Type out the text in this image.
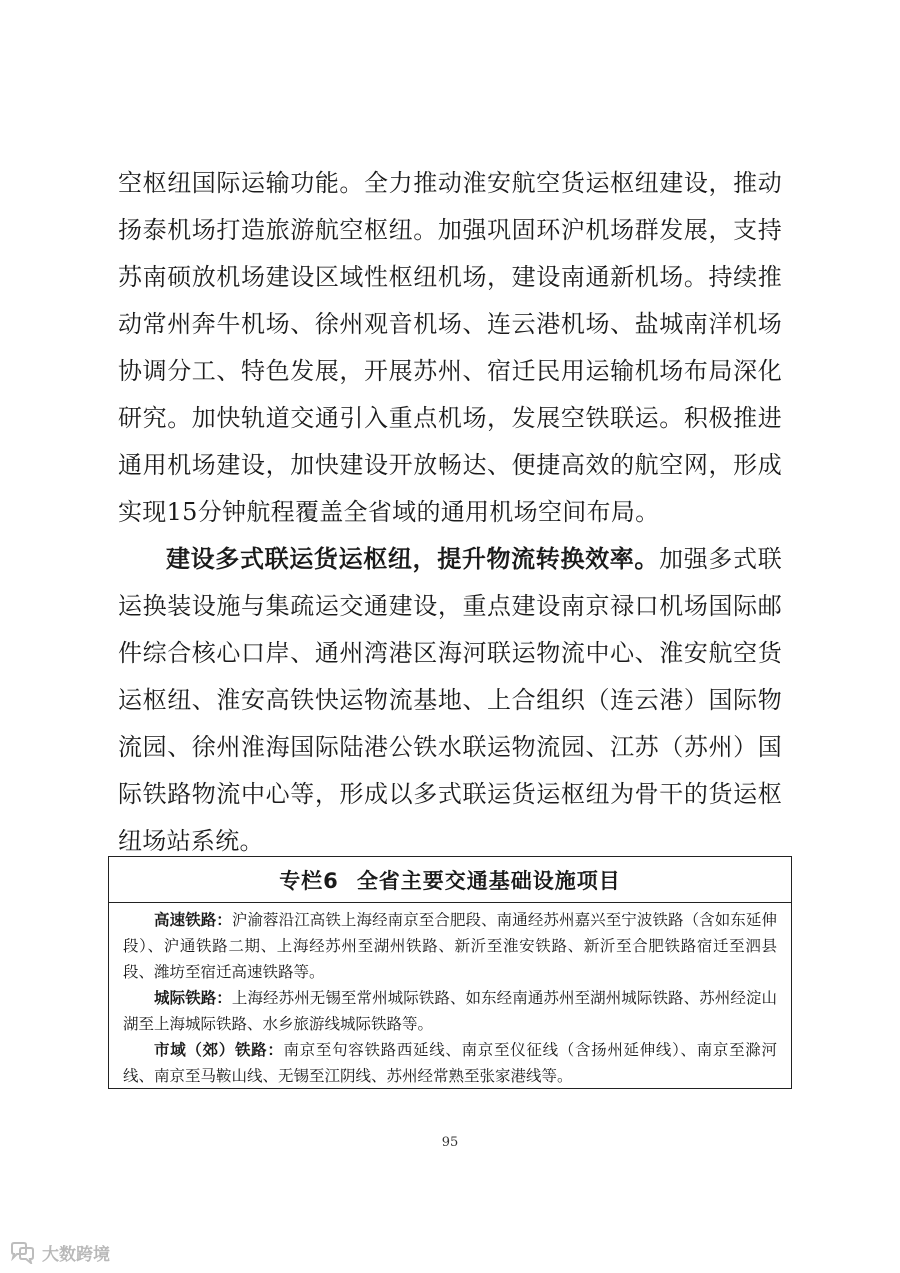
空枢纽国际运输功能。全力推动淮安航空货运枢纽建设，推动扬泰机场打造旅游航空枢纽。加强巩固环沪机场群发展，支持苏南硕放机场建设区域性枢纽机场，建设南通新机场。持续推动常州奔牛机场、徐州观音机场、连云港机场、盐城南洋机场协调分工、特色发展，开展苏州、宿迁民用运输机场布局深化研究。加快轨道交通引入重点机场，发展空铁联运。积极推进通用机场建设，加快建设开放畅达、便捷高效的航空网，形成实现15分钟航程覆盖全省域的通用机场空间布局。

建设多式联运货运枢纽，提升物流转换效率。加强多式联运换装设施与集疏运交通建设，重点建设南京禄口机场国际邮件综合核心口岸、通州湾港区海河联运物流中心、淮安航空货运枢纽、淮安高铁快运物流基地、上合组织（连云港）国际物流园、徐州淮海国际陆港公铁水联运物流园、江苏（苏州）国际铁路物流中心等，形成以多式联运货运枢纽为骨干的货运枢纽场站系统。

专栏6 全省主要交通基础设施项目

高速铁路：沪渝蓉沿江高铁上海经南京至合肥段、南通经苏州嘉兴至宁波铁路（含如东延伸段）、沪通铁路二期、上海经苏州至湖州铁路、新沂至淮安铁路、新沂至合肥铁路宿迁至泗县段、潍坊至宿迁高速铁路等。

城际铁路：上海经苏州无锡至常州城际铁路、如东经南通苏州至湖州城际铁路、苏州经淀山湖至上海城际铁路、水乡旅游线城际铁路等。

市域（郊）铁路：南京至句容铁路西延线、南京至仪征线（含扬州延伸线）、南京至滁河线、南京至马鞍山线、无锡至江阴线、苏州经常熟至张家港线等。

95
大数跨境
